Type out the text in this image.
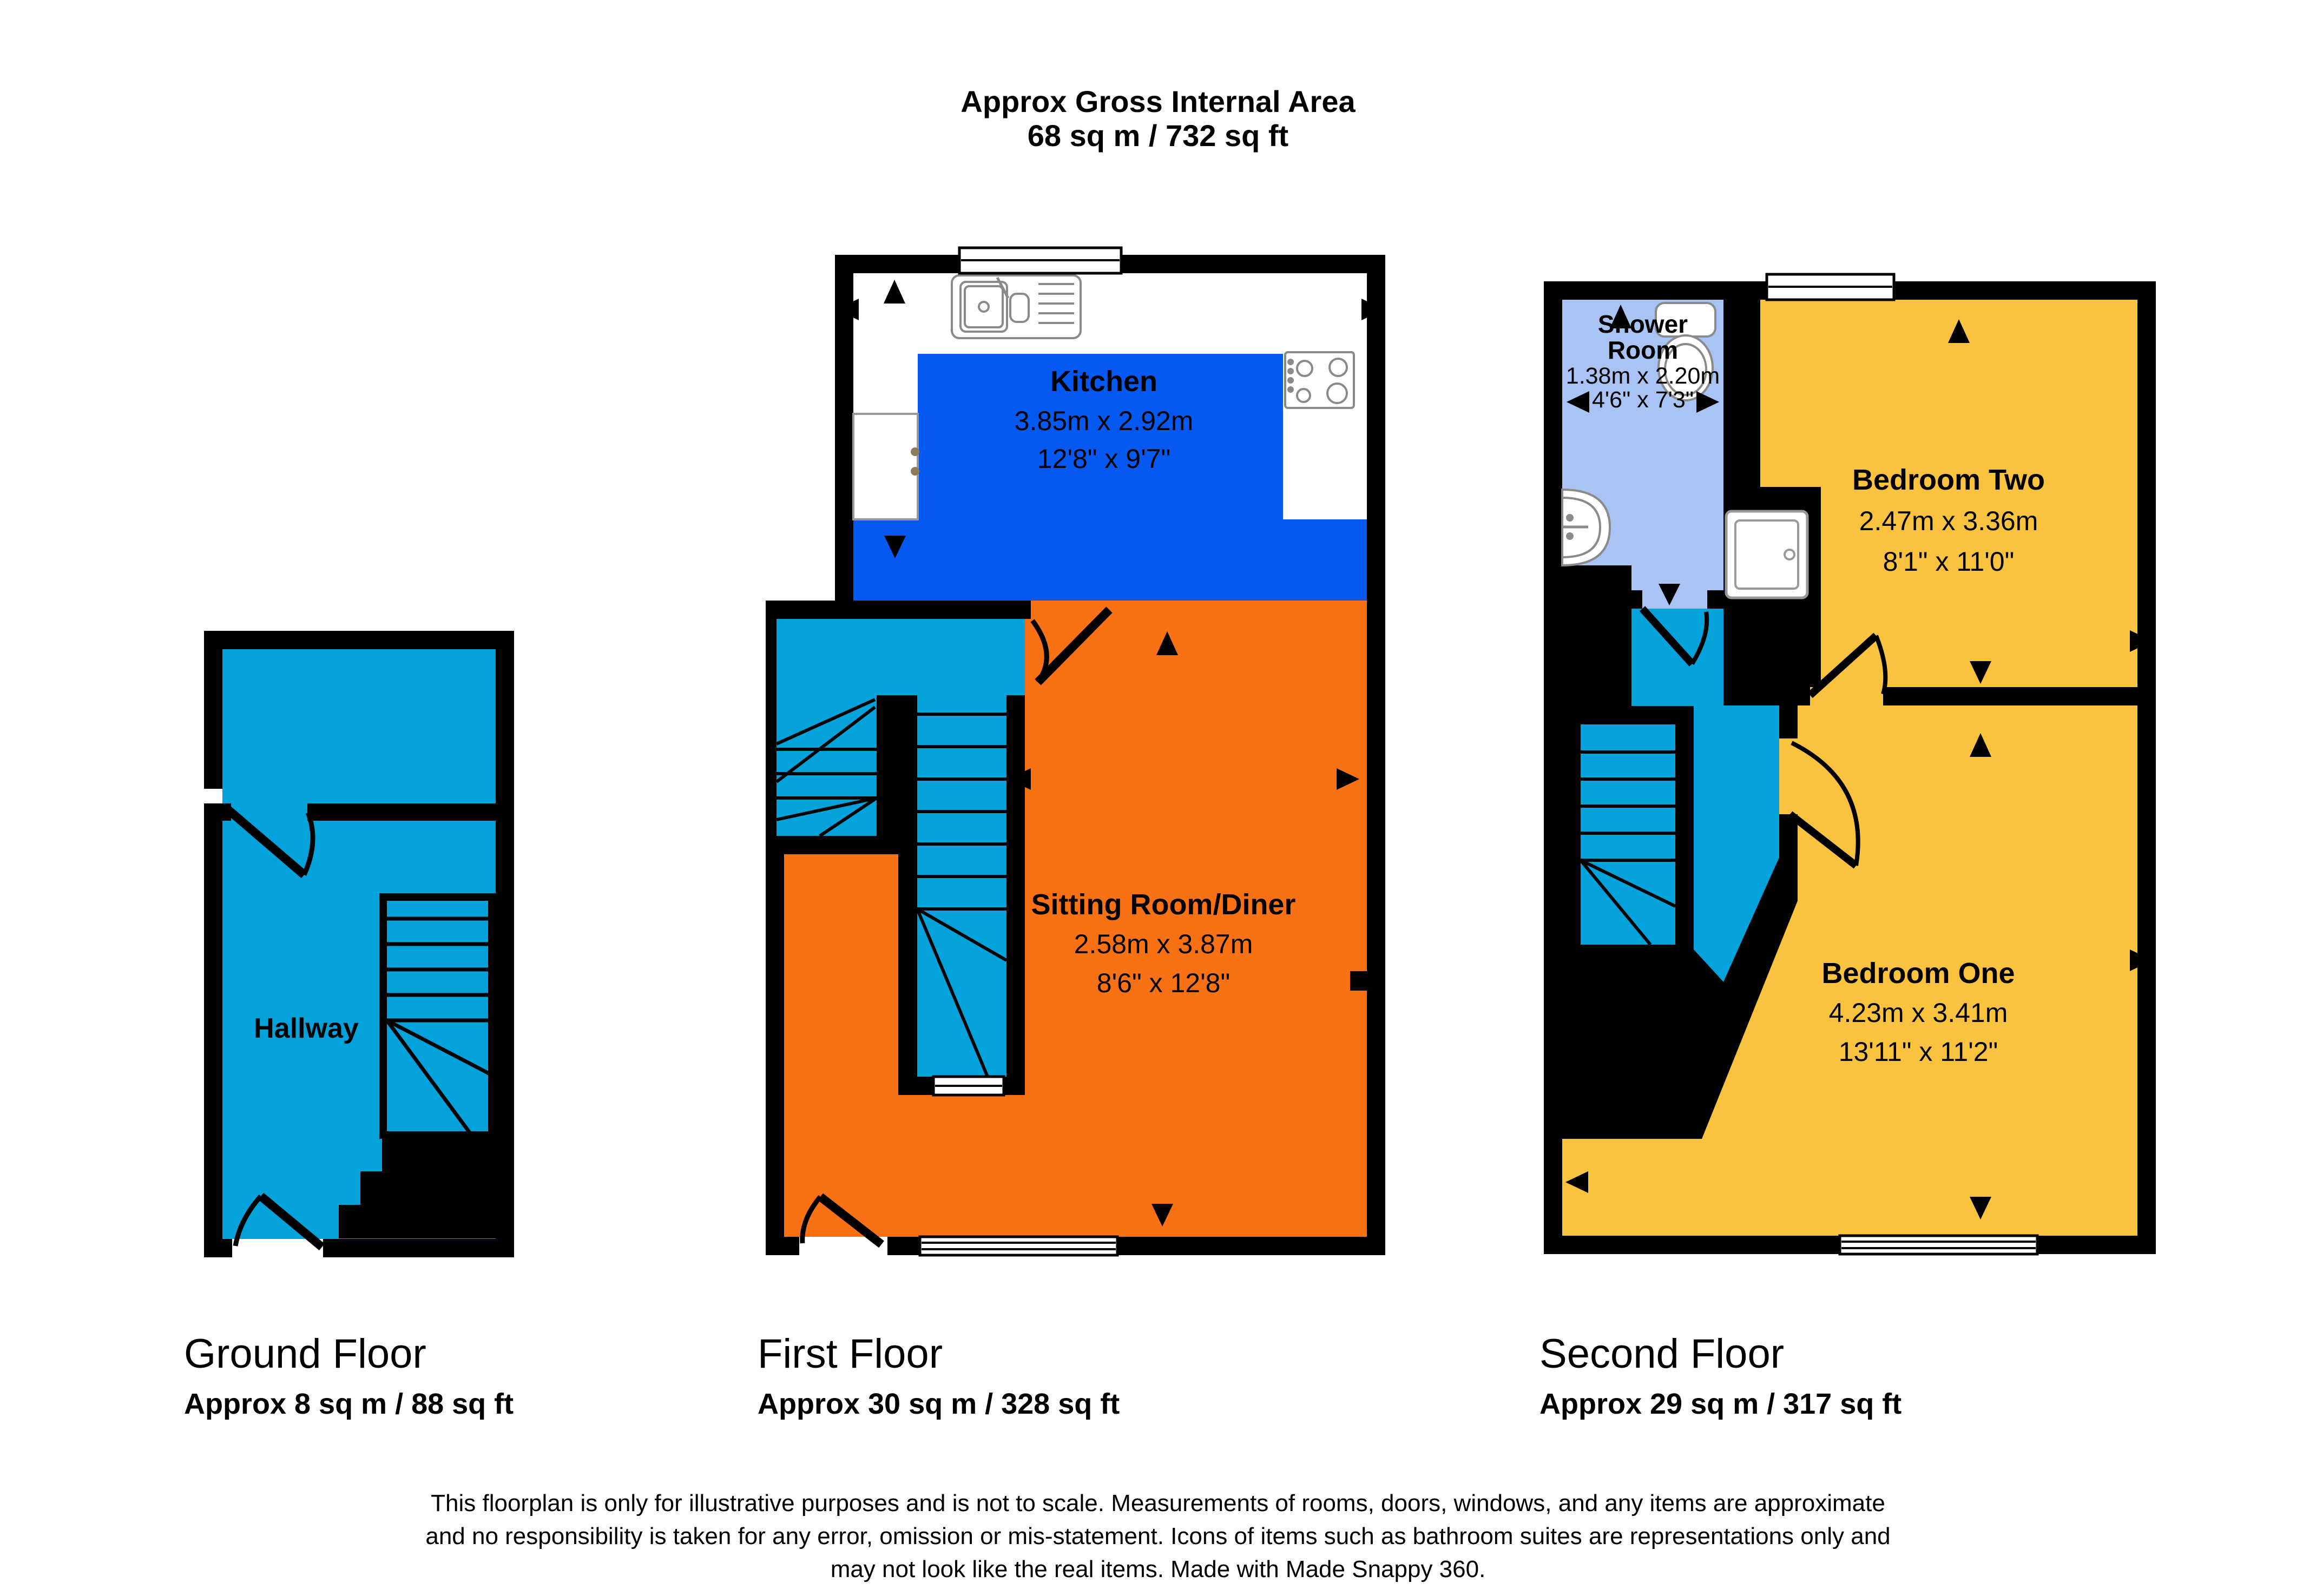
Approx Gross Internal Area
68 sq m / 732 sq ft
Hallway
Kitchen
3.85m x 2.92m
12'8" x 9'7"
Sitting Room/Diner
2.58m x 3.87m
8'6" x 12'8"
Shower
Room
1.38m x 2.20m
4'6" x 7'3"
Bedroom Two
2.47m x 3.36m
8'1" x 11'0"
Bedroom One
4.23m x 3.41m
13'11" x 11'2"
Ground Floor

Approx 8 sq m / 88 sq ft

First Floor

Approx 30 sq m / 328 sq ft

Second Floor

Approx 29 sq m / 317 sq ft

This floorplan is only for illustrative purposes and is not to scale. Measurements of rooms, doors, windows, and any items are approximate
and no responsibility is taken for any error, omission or mis-statement. Icons of items such as bathroom suites are representations only and
may not look like the real items. Made with Made Snappy 360.
